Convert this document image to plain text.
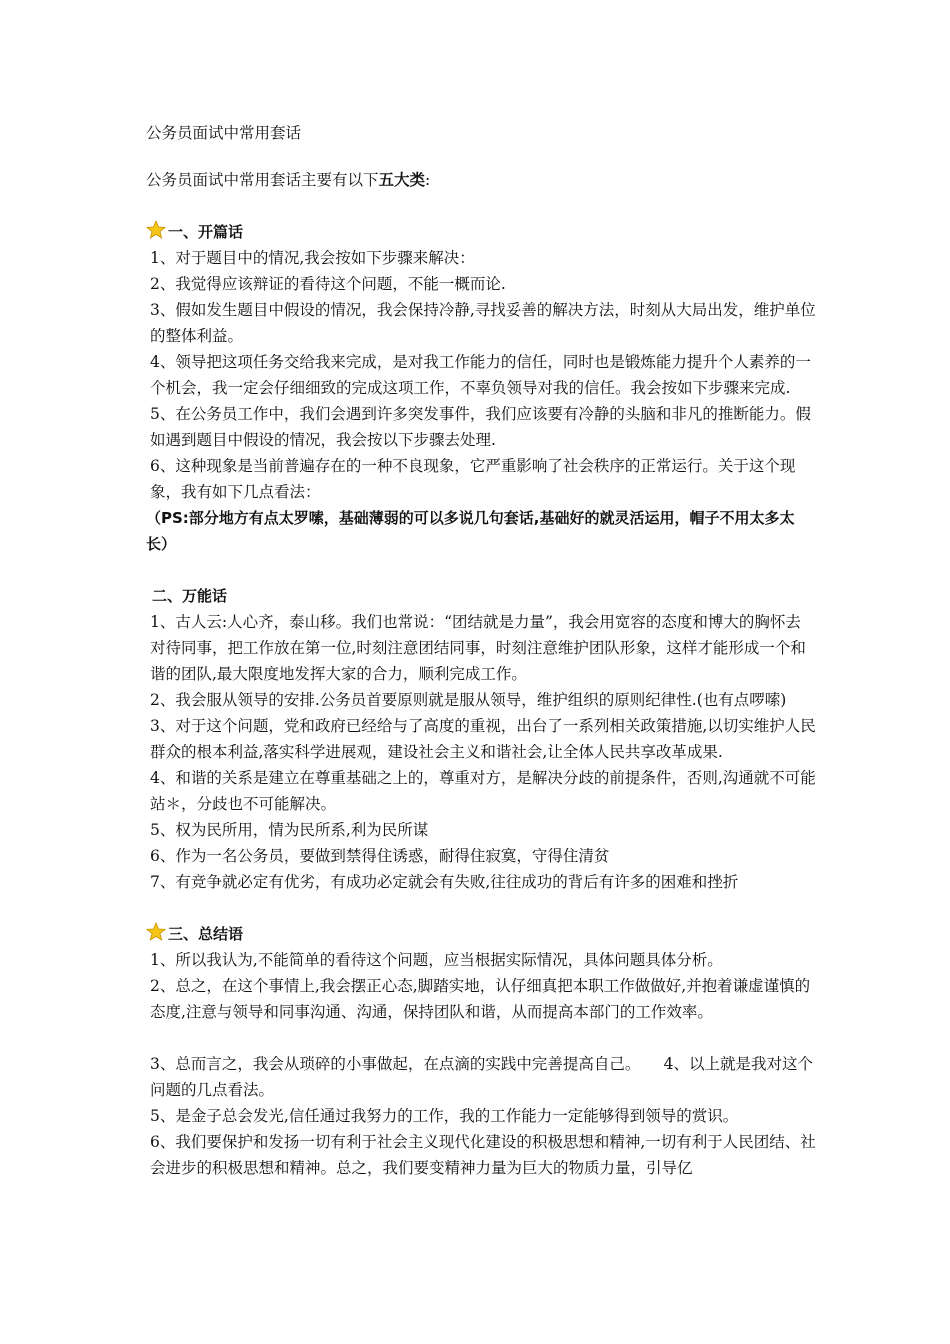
公务员面试中常用套话
公务员面试中常用套话主要有以下五大类:
一、开篇话
1、对于题目中的情况,我会按如下步骤来解决：
2、我觉得应该辩证的看待这个问题，不能一概而论.
3、假如发生题目中假设的情况，我会保持冷静,寻找妥善的解决方法，时刻从大局出发，维护单位的整体利益。
4、领导把这项任务交给我来完成，是对我工作能力的信任，同时也是锻炼能力提升个人素养的一个机会，我一定会仔细细致的完成这项工作，不辜负领导对我的信任。我会按如下步骤来完成.
5、在公务员工作中，我们会遇到许多突发事件，我们应该要有冷静的头脑和非凡的推断能力。假如遇到题目中假设的情况，我会按以下步骤去处理.
6、这种现象是当前普遍存在的一种不良现象，它严重影响了社会秩序的正常运行。关于这个现象，我有如下几点看法：
（PS:部分地方有点太罗嗦，基础薄弱的可以多说几句套话,基础好的就灵活运用，帽子不用太多太长）
二、万能话
1、古人云:人心齐，泰山移。我们也常说：“团结就是力量”，我会用宽容的态度和博大的胸怀去对待同事，把工作放在第一位,时刻注意团结同事，时刻注意维护团队形象，这样才能形成一个和谐的团队,最大限度地发挥大家的合力，顺利完成工作。
2、我会服从领导的安排.公务员首要原则就是服从领导，维护组织的原则纪律性.(也有点啰嗦)
3、对于这个问题，党和政府已经给与了高度的重视，出台了一系列相关政策措施,以切实维护人民群众的根本利益,落实科学进展观，建设社会主义和谐社会,让全体人民共享改革成果.
4、和谐的关系是建立在尊重基础之上的，尊重对方，是解决分歧的前提条件，否则,沟通就不可能站＊，分歧也不可能解决。
5、权为民所用，情为民所系,利为民所谋
6、作为一名公务员，要做到禁得住诱惑，耐得住寂寞，守得住清贫
7、有竞争就必定有优劣，有成功必定就会有失败,往往成功的背后有许多的困难和挫折
三、总结语
1、所以我认为,不能简单的看待这个问题，应当根据实际情况，具体问题具体分析。
2、总之，在这个事情上,我会摆正心态,脚踏实地，认仔细真把本职工作做做好,并抱着谦虚谨慎的态度,注意与领导和同事沟通、沟通，保持团队和谐，从而提高本部门的工作效率。
3、总而言之，我会从琐碎的小事做起，在点滴的实践中完善提高自己。　　4、以上就是我对这个问题的几点看法。
5、是金子总会发光,信任通过我努力的工作，我的工作能力一定能够得到领导的赏识。
6、我们要保护和发扬一切有利于社会主义现代化建设的积极思想和精神,一切有利于人民团结、社会进步的积极思想和精神。总之，我们要变精神力量为巨大的物质力量，引导亿
